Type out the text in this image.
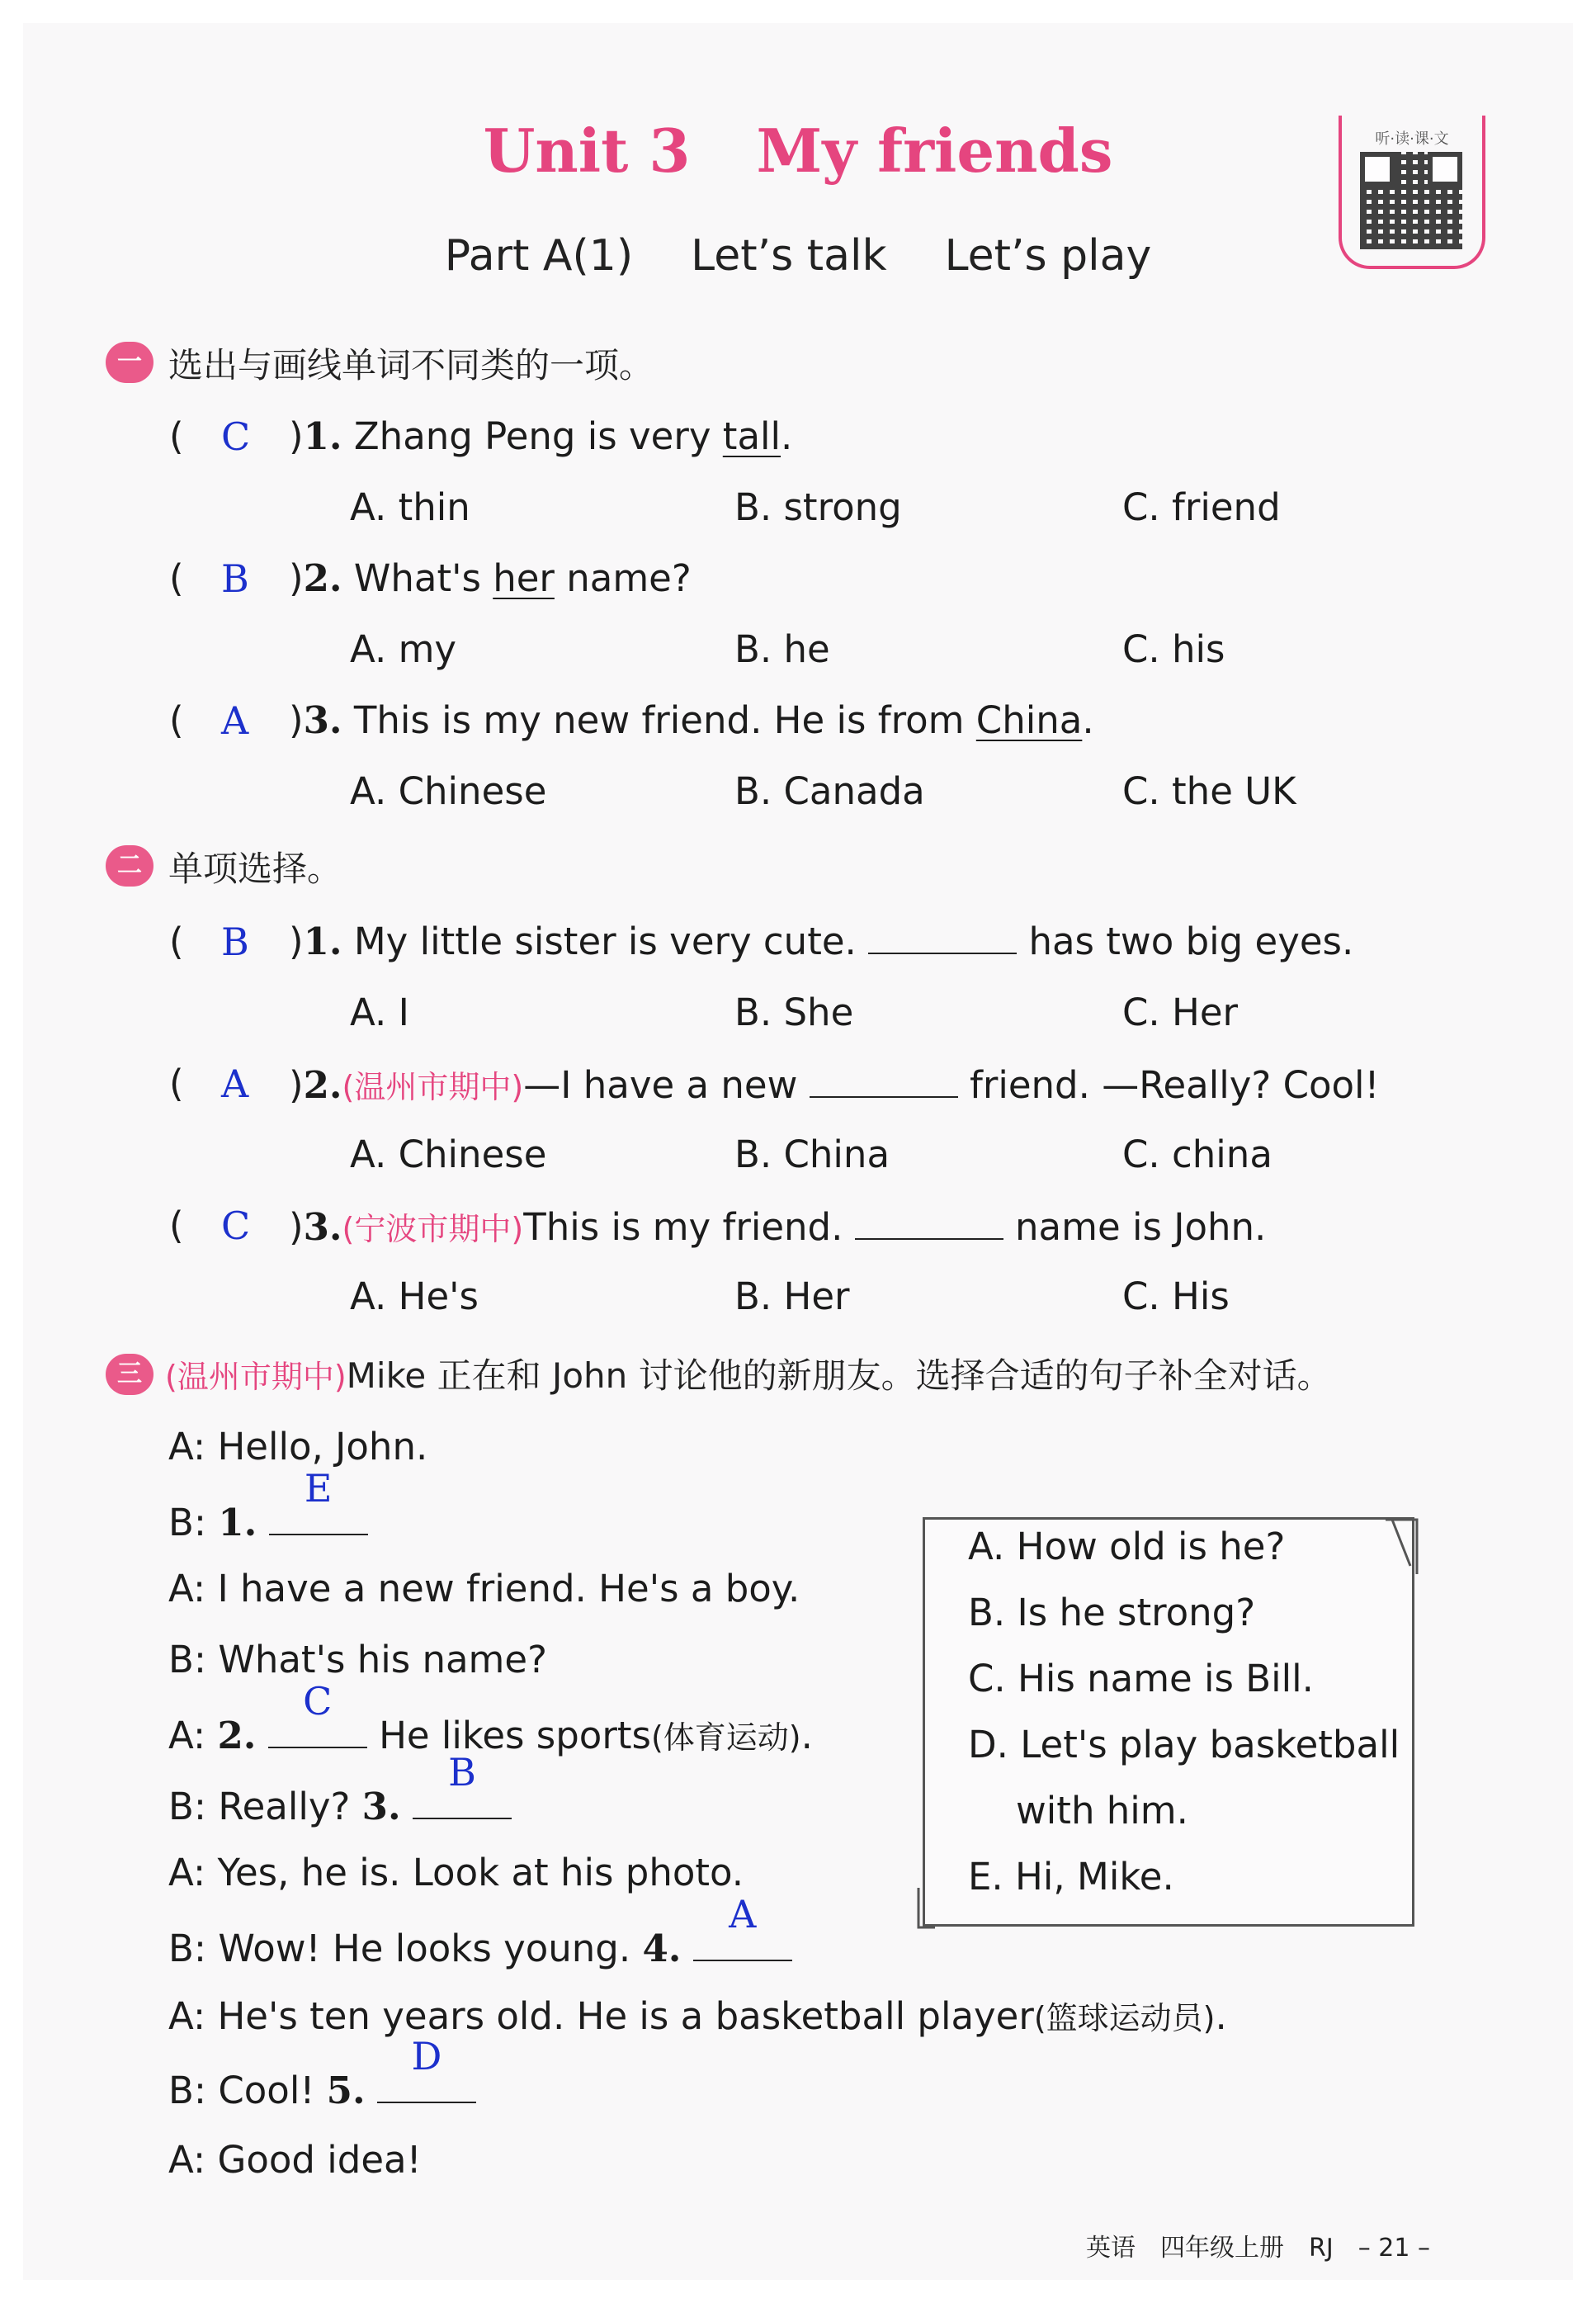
Unit 3 My friends
Part A(1) Let’s talk Let’s play
听·读·课·文
一 选出与画线单词不同类的一项。
( C )1. Zhang Peng is very tall.
A. thin	B. strong	C. friend
( B )2. What's her name?
A. my	B. he	C. his
( A )3. This is my new friend. He is from China.
A. Chinese	B. Canada	C. the UK
二 单项选择。
( B )1. My little sister is very cute.	has two big eyes.
A. I	B. She	C. Her
( A )2.(温州市期中)—I have a new	friend. —Really? Cool!
A. Chinese	B. China	C. china
( C )3.(宁波市期中)This is my friend.	name is John.
A. He's	B. Her	C. His
三 (温州市期中)Mike 正在和 John 讨论他的新朋友。选择合适的句子补全对话。
A: Hello, John.
B: 1.
E
A: I have a new friend. He's a boy.
B: What's his name?
A: 2.
C
He likes sports(体育运动).
B: Really? 3.
B
A: Yes, he is. Look at his photo.
B: Wow! He looks young. 4.
A
A: He's ten years old. He is a basketball player(篮球运动员).
B: Cool! 5.
D
A: Good idea!
A. How old is he?
B. Is he strong?
C. His name is Bill.
D. Let's play basketball
with him.
E. Hi, Mike.
英语 四年级上册 RJ – 21 –
